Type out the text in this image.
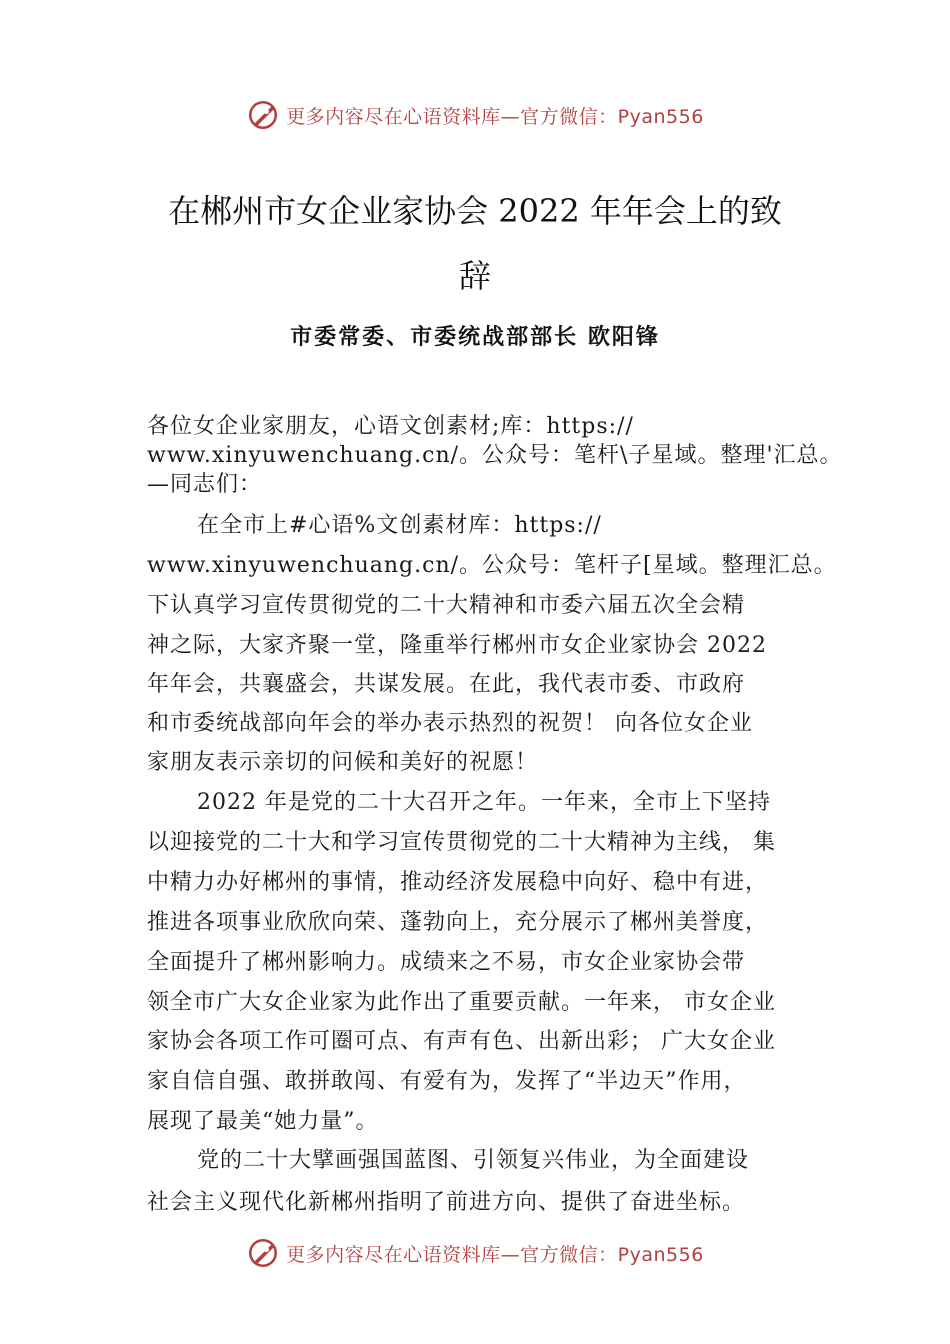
更多内容尽在心语资料库—官方微信：Pyan556
在郴州市女企业家协会 2022 年年会上的致
辞
市委常委、市委统战部部长 欧阳锋
各位女企业家朋友，心语文创素材;库：https://
www.xinyuwenchuang.cn/。公众号：笔杆\子星域。整理'汇总。
—同志们：
在全市上#心语%文创素材库：https://
www.xinyuwenchuang.cn/。公众号：笔杆子[星域。整理汇总。
下认真学习宣传贯彻党的二十大精神和市委六届五次全会精
神之际，大家齐聚一堂，隆重举行郴州市女企业家协会 2022
年年会，共襄盛会，共谋发展。在此，我代表市委、市政府
和市委统战部向年会的举办表示热烈的祝贺！ 向各位女企业
家朋友表示亲切的问候和美好的祝愿！
2022 年是党的二十大召开之年。一年来，全市上下坚持
以迎接党的二十大和学习宣传贯彻党的二十大精神为主线， 集
中精力办好郴州的事情，推动经济发展稳中向好、稳中有进，
推进各项事业欣欣向荣、蓬勃向上，充分展示了郴州美誉度，
全面提升了郴州影响力。成绩来之不易，市女企业家协会带
领全市广大女企业家为此作出了重要贡献。一年来， 市女企业
家协会各项工作可圈可点、有声有色、出新出彩； 广大女企业
家自信自强、敢拼敢闯、有爱有为，发挥了“半边天”作用，
展现了最美“她力量”。
党的二十大擘画强国蓝图、引领复兴伟业，为全面建设
社会主义现代化新郴州指明了前进方向、提供了奋进坐标。
更多内容尽在心语资料库—官方微信：Pyan556
